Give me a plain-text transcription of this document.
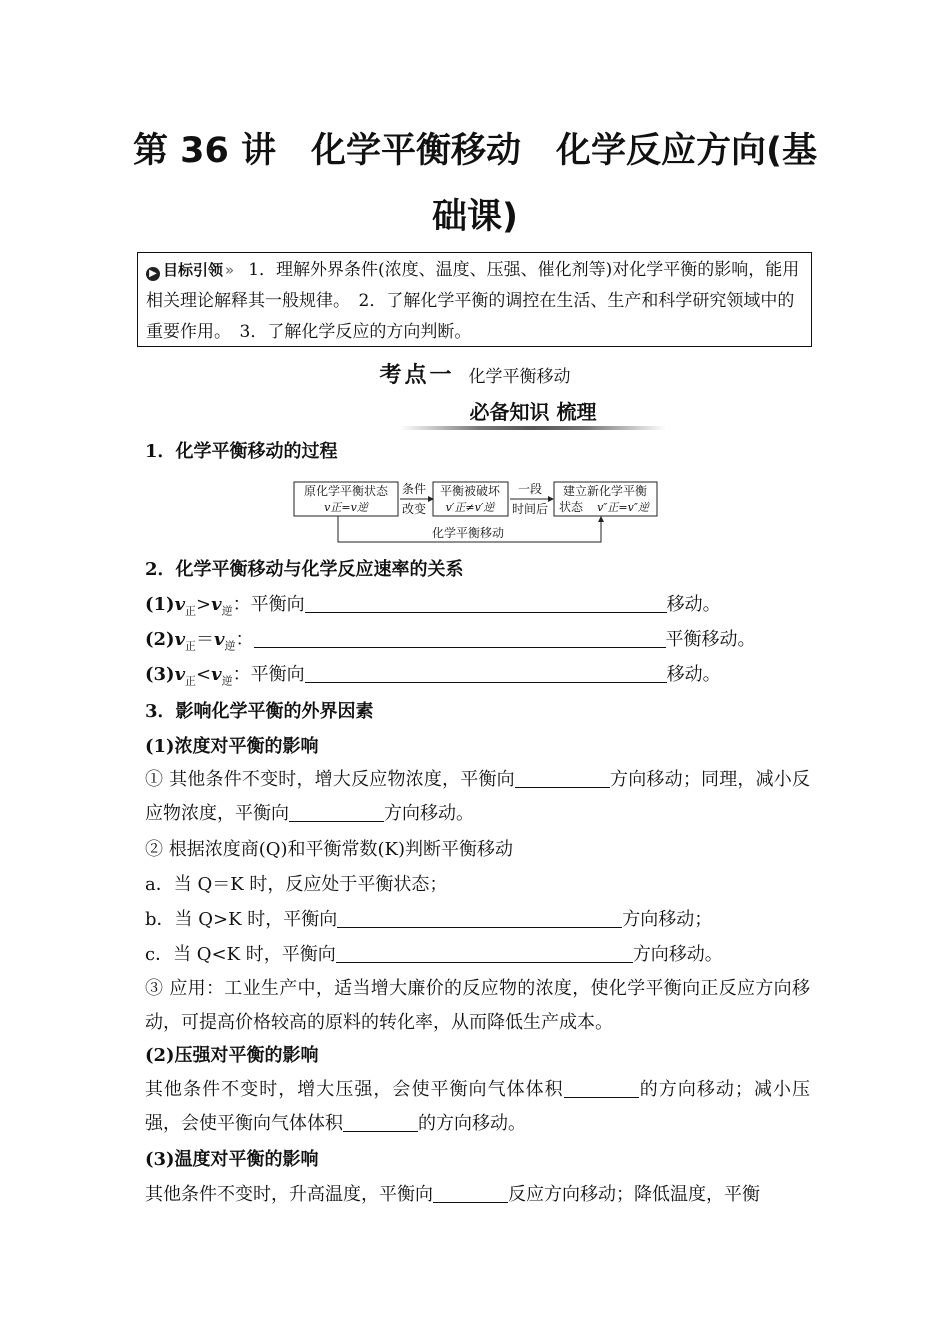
第 36 讲　化学平衡移动　化学反应方向(基础课)
▶ 目标引领 » 1．理解外界条件(浓度、温度、压强、催化剂等)对化学平衡的影响，能用相关理论解释其一般规律。　2．了解化学平衡的调控在生活、生产和科学研究领域中的重要作用。　3．了解化学反应的方向判断。
考点一 化学平衡移动
必备知识 梳理
1．化学平衡移动的过程
原化学平衡状态
v正=v逆
条件
改变
平衡被破坏
v′正≠v′逆
一段
时间后
建立新化学平衡
状态 v″正=v″逆
化学平衡移动
2．化学平衡移动与化学反应速率的关系
$(1)v_正>v_逆$：平衡向	移动。
$(2)v_正=v_逆$：	平衡移动。
$(3)v_正<v_逆$：平衡向	移动。
3．影响化学平衡的外界因素
(1)浓度对平衡的影响
① 其他条件不变时，增大反应物浓度，平衡向	方向移动；同理，减小反应物浓度，平衡向	方向移动。
② 根据浓度商(Q)和平衡常数(K)判断平衡移动
a．当 Q＝K 时，反应处于平衡状态；
b．当 Q>K 时，平衡向	方向移动；
c．当 Q<K 时，平衡向	方向移动。
③ 应用：工业生产中，适当增大廉价的反应物的浓度，使化学平衡向正反应方向移动，可提高价格较高的原料的转化率，从而降低生产成本。
(2)压强对平衡的影响
其他条件不变时，增大压强，会使平衡向气体体积	的方向移动；减小压强，会使平衡向气体体积	的方向移动。
(3)温度对平衡的影响
其他条件不变时，升高温度，平衡向	反应方向移动；降低温度，平衡
